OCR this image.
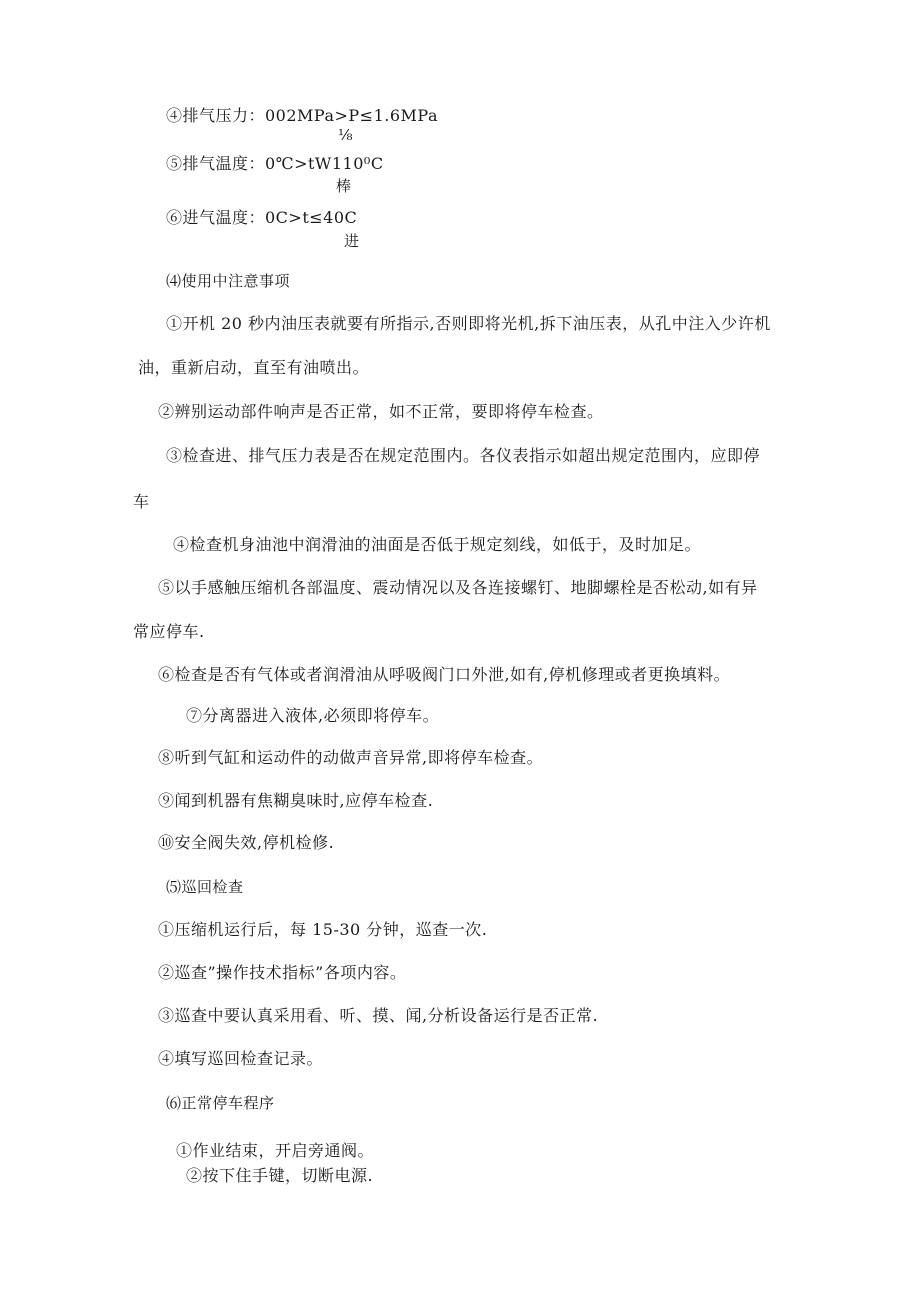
④排气压力：002MPa>P≤1.6MPa
⅛
⑤排气温度：0℃>tW110⁰C
棒
⑥进气温度：0C>t≤40C
进
⑷使用中注意事项
①开机 20 秒内油压表就要有所指示,否则即将光机,拆下油压表，从孔中注入少许机
油，重新启动，直至有油喷出。
②辨别运动部件响声是否正常，如不正常，要即将停车检查。
③检查进、排气压力表是否在规定范围内。各仪表指示如超出规定范围内，应即停
车
④检查机身油池中润滑油的油面是否低于规定刻线，如低于，及时加足。
⑤以手感触压缩机各部温度、震动情况以及各连接螺钉、地脚螺栓是否松动,如有异
常应停车.
⑥检查是否有气体或者润滑油从呼吸阀门口外泄,如有,停机修理或者更换填料。
⑦分离器进入液体,必须即将停车。
⑧听到气缸和运动件的动做声音异常,即将停车检查。
⑨闻到机器有焦糊臭味时,应停车检查.
⑩安全阀失效,停机检修.
⑸巡回检查
①压缩机运行后，每 15-30 分钟，巡查一次.
②巡查”操作技术指标”各项内容。
③巡查中要认真采用看、听、摸、闻,分析设备运行是否正常.
④填写巡回检查记录。
⑹正常停车程序
①作业结束，开启旁通阀。
②按下住手键，切断电源.
